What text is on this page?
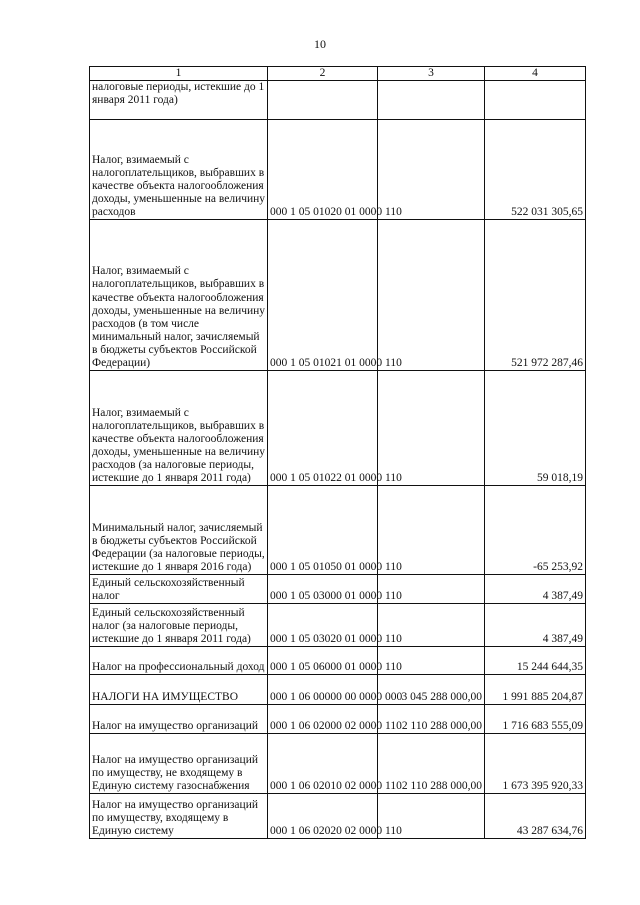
10
1	2	3	4
налоговые периоды, истекшие до 1 января 2011 года)			
Налог, взимаемый с налогоплательщиков, выбравших в качестве объекта налогообложения доходы, уменьшенные на величину расходов	000 1 05 01020 01 0000 110		522 031 305,65
Налог, взимаемый с налогоплательщиков, выбравших в качестве объекта налогообложения доходы, уменьшенные на величину расходов (в том числе минимальный налог, зачисляемый в бюджеты субъектов Российской Федерации)	000 1 05 01021 01 0000 110		521 972 287,46
Налог, взимаемый с налогоплательщиков, выбравших в качестве объекта налогообложения доходы, уменьшенные на величину расходов (за налоговые периоды, истекшие до 1 января 2011 года)	000 1 05 01022 01 0000 110		59 018,19
Минимальный налог, зачисляемый в бюджеты субъектов Российской Федерации (за налоговые периоды, истекшие до 1 января 2016 года)	000 1 05 01050 01 0000 110		-65 253,92
Единый сельскохозяйственный налог	000 1 05 03000 01 0000 110		4 387,49
Единый сельскохозяйственный налог (за налоговые периоды, истекшие до 1 января 2011 года)	000 1 05 03020 01 0000 110		4 387,49
Налог на профессиональный доход	000 1 05 06000 01 0000 110		15 244 644,35
НАЛОГИ НА ИМУЩЕСТВО	000 1 06 00000 00 0000 000	3 045 288 000,00	1 991 885 204,87
Налог на имущество организаций	000 1 06 02000 02 0000 110	2 110 288 000,00	1 716 683 555,09
Налог на имущество организаций по имуществу, не входящему в Единую систему газоснабжения	000 1 06 02010 02 0000 110	2 110 288 000,00	1 673 395 920,33
Налог на имущество организаций по имуществу, входящему в Единую систему	000 1 06 02020 02 0000 110		43 287 634,76
